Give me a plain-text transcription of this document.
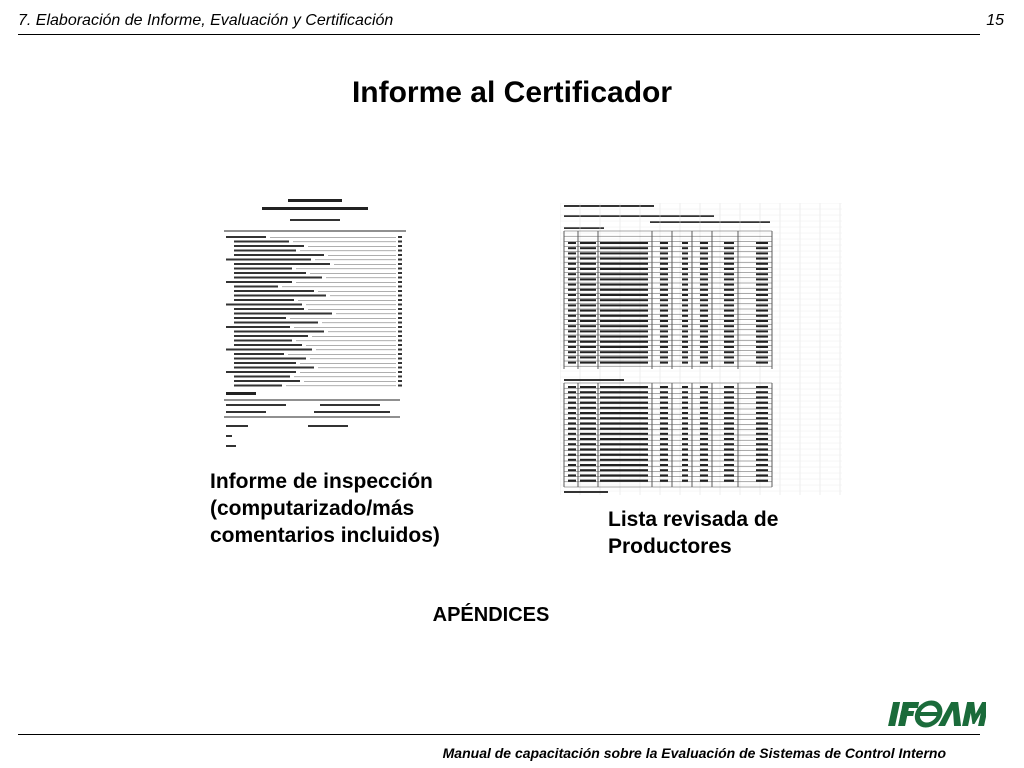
7. Elaboración de Informe, Evaluación y Certificación	15
Informe al Certificador
Informe de inspección
(computarizado/más
comentarios incluidos)
Lista revisada de
Productores
APÉNDICES
Manual de capacitación sobre la Evaluación de Sistemas de Control Interno
